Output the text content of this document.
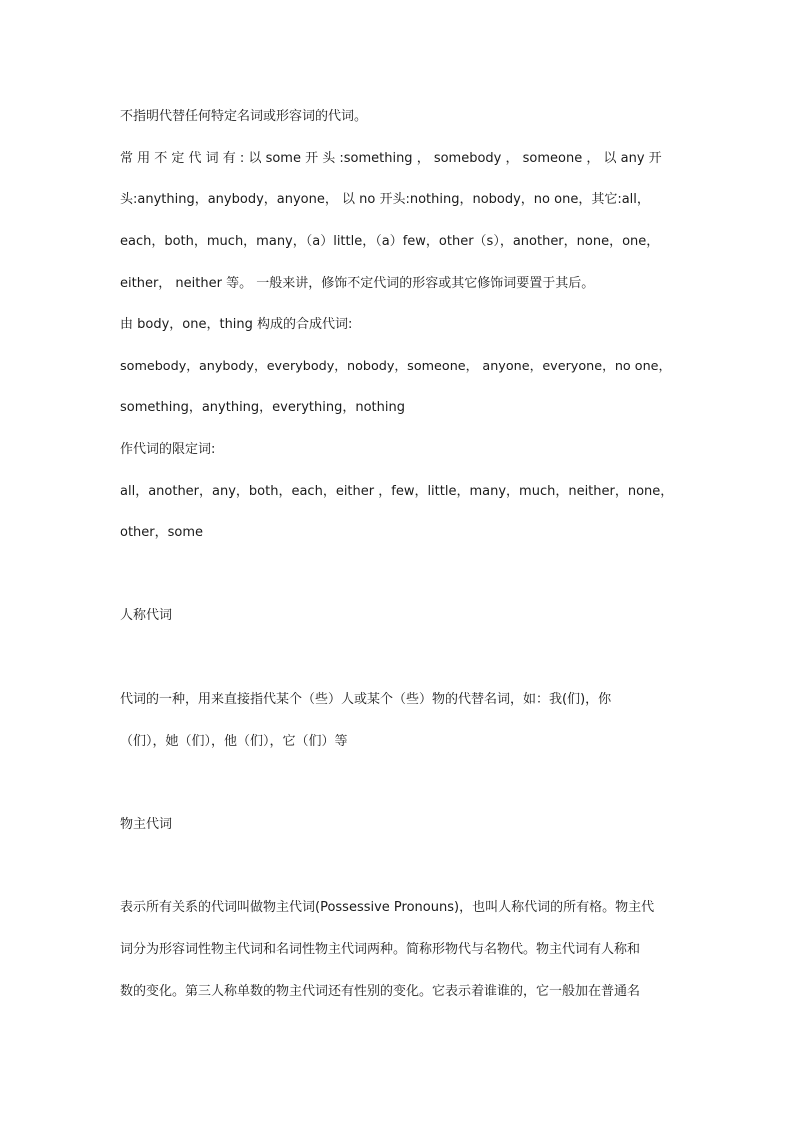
不指明代替任何特定名词或形容词的代词。
常 用 不 定 代 词 有 : 以 some 开 头 :something ， somebody ， someone ， 以 any 开
头:anything，anybody，anyone， 以 no 开头:nothing，nobody，no one，其它:all，
each，both，much，many，（a）little，（a）few，other（s），another，none，one，
either， neither 等。 一般来讲，修饰不定代词的形容或其它修饰词要置于其后。
由 body，one，thing 构成的合成代词:
somebody，anybody，everybody，nobody，someone， anyone，everyone，no one，
something，anything，everything，nothing
作代词的限定词:
all，another，any，both，each，either ，few，little，many，much，neither，none，
other，some
人称代词
代词的一种，用来直接指代某个（些）人或某个（些）物的代替名词，如：我(们)，你
（们），她（们），他（们），它（们）等
物主代词
表示所有关系的代词叫做物主代词(Possessive Pronouns)，也叫人称代词的所有格。物主代
词分为形容词性物主代词和名词性物主代词两种。简称形物代与名物代。物主代词有人称和
数的变化。第三人称单数的物主代词还有性别的变化。它表示着谁谁的，它一般加在普通名
